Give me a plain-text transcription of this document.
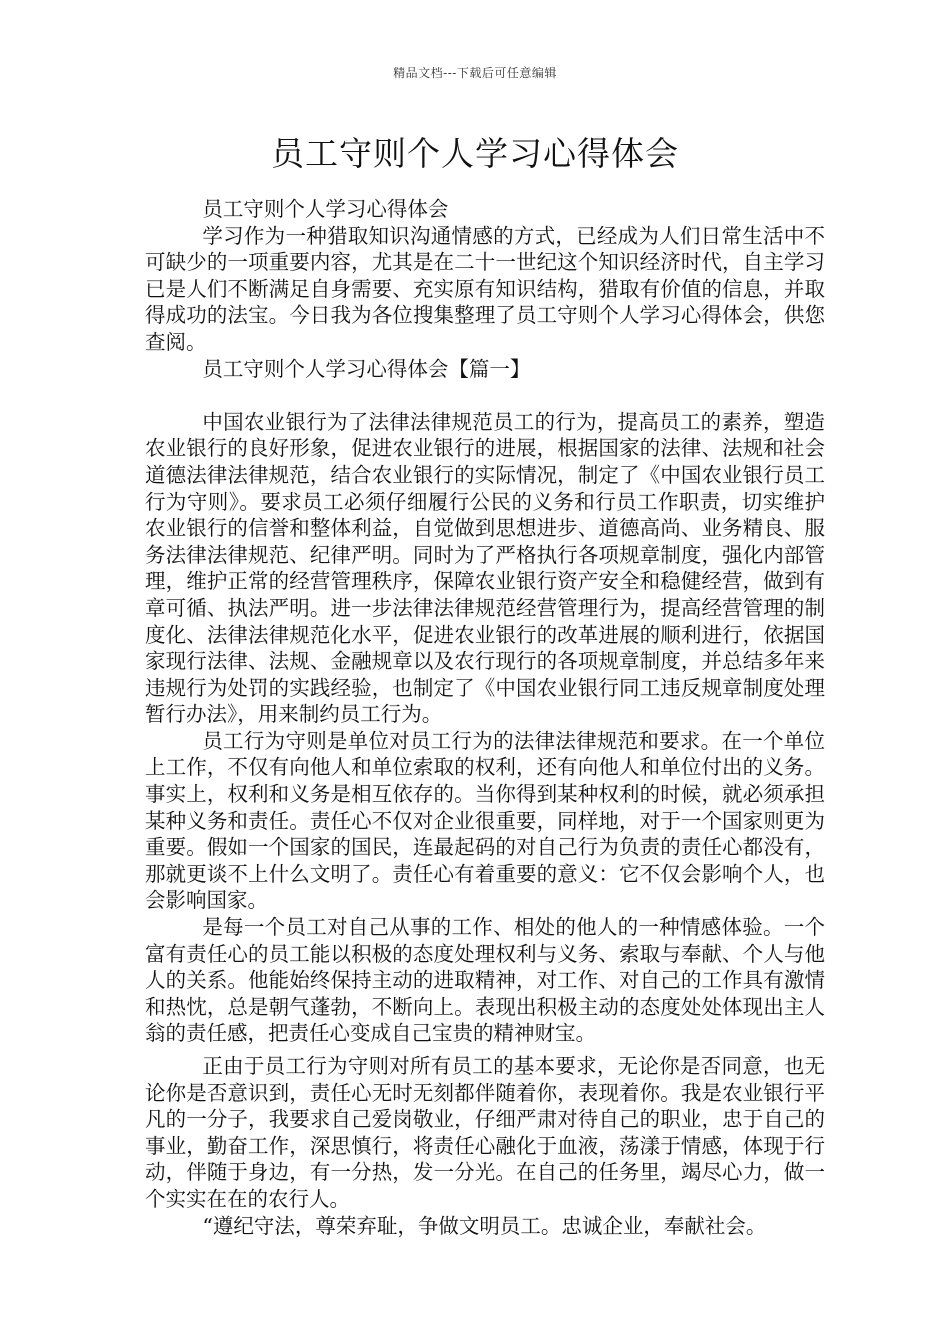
精品文档---下载后可任意编辑
员工守则个人学习心得体会

员工守则个人学习心得体会

学习作为一种猎取知识沟通情感的方式，已经成为人们日常生活中不可缺少的一项重要内容，尤其是在二十一世纪这个知识经济时代，自主学习已是人们不断满足自身需要、充实原有知识结构，猎取有价值的信息，并取得成功的法宝。今日我为各位搜集整理了员工守则个人学习心得体会，供您查阅。

员工守则个人学习心得体会【篇一】

中国农业银行为了法律法律规范员工的行为，提高员工的素养，塑造农业银行的良好形象，促进农业银行的进展，根据国家的法律、法规和社会道德法律法律规范，结合农业银行的实际情况，制定了《中国农业银行员工行为守则》。要求员工必须仔细履行公民的义务和行员工作职责，切实维护农业银行的信誉和整体利益，自觉做到思想进步、道德高尚、业务精良、服务法律法律规范、纪律严明。同时为了严格执行各项规章制度，强化内部管理，维护正常的经营管理秩序，保障农业银行资产安全和稳健经营，做到有章可循、执法严明。进一步法律法律规范经营管理行为，提高经营管理的制度化、法律法律规范化水平，促进农业银行的改革进展的顺利进行，依据国家现行法律、法规、金融规章以及农行现行的各项规章制度，并总结多年来违规行为处罚的实践经验，也制定了《中国农业银行同工违反规章制度处理暂行办法》，用来制约员工行为。

员工行为守则是单位对员工行为的法律法律规范和要求。在一个单位上工作，不仅有向他人和单位索取的权利，还有向他人和单位付出的义务。事实上，权利和义务是相互依存的。当你得到某种权利的时候，就必须承担某种义务和责任。责任心不仅对企业很重要，同样地，对于一个国家则更为重要。假如一个国家的国民，连最起码的对自己行为负责的责任心都没有，那就更谈不上什么文明了。责任心有着重要的意义：它不仅会影响个人，也会影响国家。

是每一个员工对自己从事的工作、相处的他人的一种情感体验。一个富有责任心的员工能以积极的态度处理权利与义务、索取与奉献、个人与他人的关系。他能始终保持主动的进取精神，对工作、对自己的工作具有激情和热忱，总是朝气蓬勃，不断向上。表现出积极主动的态度处处体现出主人翁的责任感，把责任心变成自己宝贵的精神财宝。

正由于员工行为守则对所有员工的基本要求，无论你是否同意，也无论你是否意识到，责任心无时无刻都伴随着你，表现着你。我是农业银行平凡的一分子，我要求自己爱岗敬业，仔细严肃对待自己的职业，忠于自己的事业，勤奋工作，深思慎行，将责任心融化于血液，荡漾于情感，体现于行动，伴随于身边，有一分热，发一分光。在自己的任务里，竭尽心力，做一个实实在在的农行人。

“遵纪守法，尊荣弃耻，争做文明员工。忠诚企业，奉献社会。
